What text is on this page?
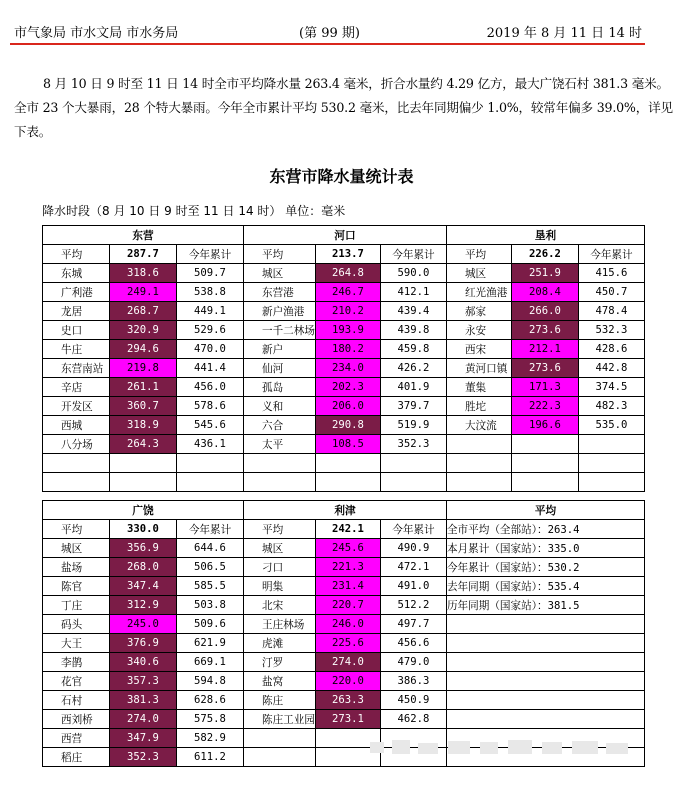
市气象局 市水文局 市水务局	(第 99 期)	2019 年 8 月 11 日 14 时
8 月 10 日 9 时至 11 日 14 时全市平均降水量 263.4 毫米，折合水量约 4.29 亿方，最大广饶石村 381.3 毫米。全市 23 个大暴雨，28 个特大暴雨。今年全市累计平均 530.2 毫米，比去年同期偏少 1.0%，较常年偏多 39.0%，详见下表。
东营市降水量统计表
降水时段（8 月 10 日 9 时至 11 日 14 时） 单位：毫米
东营			河口			垦利		
平均	287.7	今年累计	平均	213.7	今年累计	平均	226.2	今年累计
东城	318.6	509.7	城区	264.8	590.0	城区	251.9	415.6
广利港	249.1	538.8	东营港	246.7	412.1	红光渔港	208.4	450.7
龙居	268.7	449.1	新户渔港	210.2	439.4	郝家	266.0	478.4
史口	320.9	529.6	一千二林场	193.9	439.8	永安	273.6	532.3
牛庄	294.6	470.0	新户	180.2	459.8	西宋	212.1	428.6
东营南站	219.8	441.4	仙河	234.0	426.2	黄河口镇	273.6	442.8
辛店	261.1	456.0	孤岛	202.3	401.9	董集	171.3	374.5
开发区	360.7	578.6	义和	206.0	379.7	胜坨	222.3	482.3
西城	318.9	545.6	六合	290.8	519.9	大汶流	196.6	535.0
八分场	264.3	436.1	太平	108.5	352.3			

广饶			利津			平均
平均	330.0	今年累计	平均	242.1	今年累计	全市平均（全部站）：263.4
城区	356.9	644.6	城区	245.6	490.9	本月累计（国家站）：335.0
盐场	268.0	506.5	刁口	221.3	472.1	今年累计（国家站）：530.2
陈官	347.4	585.5	明集	231.4	491.0	去年同期（国家站）：535.4
丁庄	312.9	503.8	北宋	220.7	512.2	历年同期（国家站）：381.5
码头	245.0	509.6	王庄林场	246.0	497.7	
大王	376.9	621.9	虎滩	225.6	456.6	
李鹊	340.6	669.1	汀罗	274.0	479.0	
花官	357.3	594.8	盐窝	220.0	386.3	
石村	381.3	628.6	陈庄	263.3	450.9	
西刘桥	274.0	575.8	陈庄工业园	273.1	462.8	
西营	347.9	582.9				
稻庄	352.3	611.2				
